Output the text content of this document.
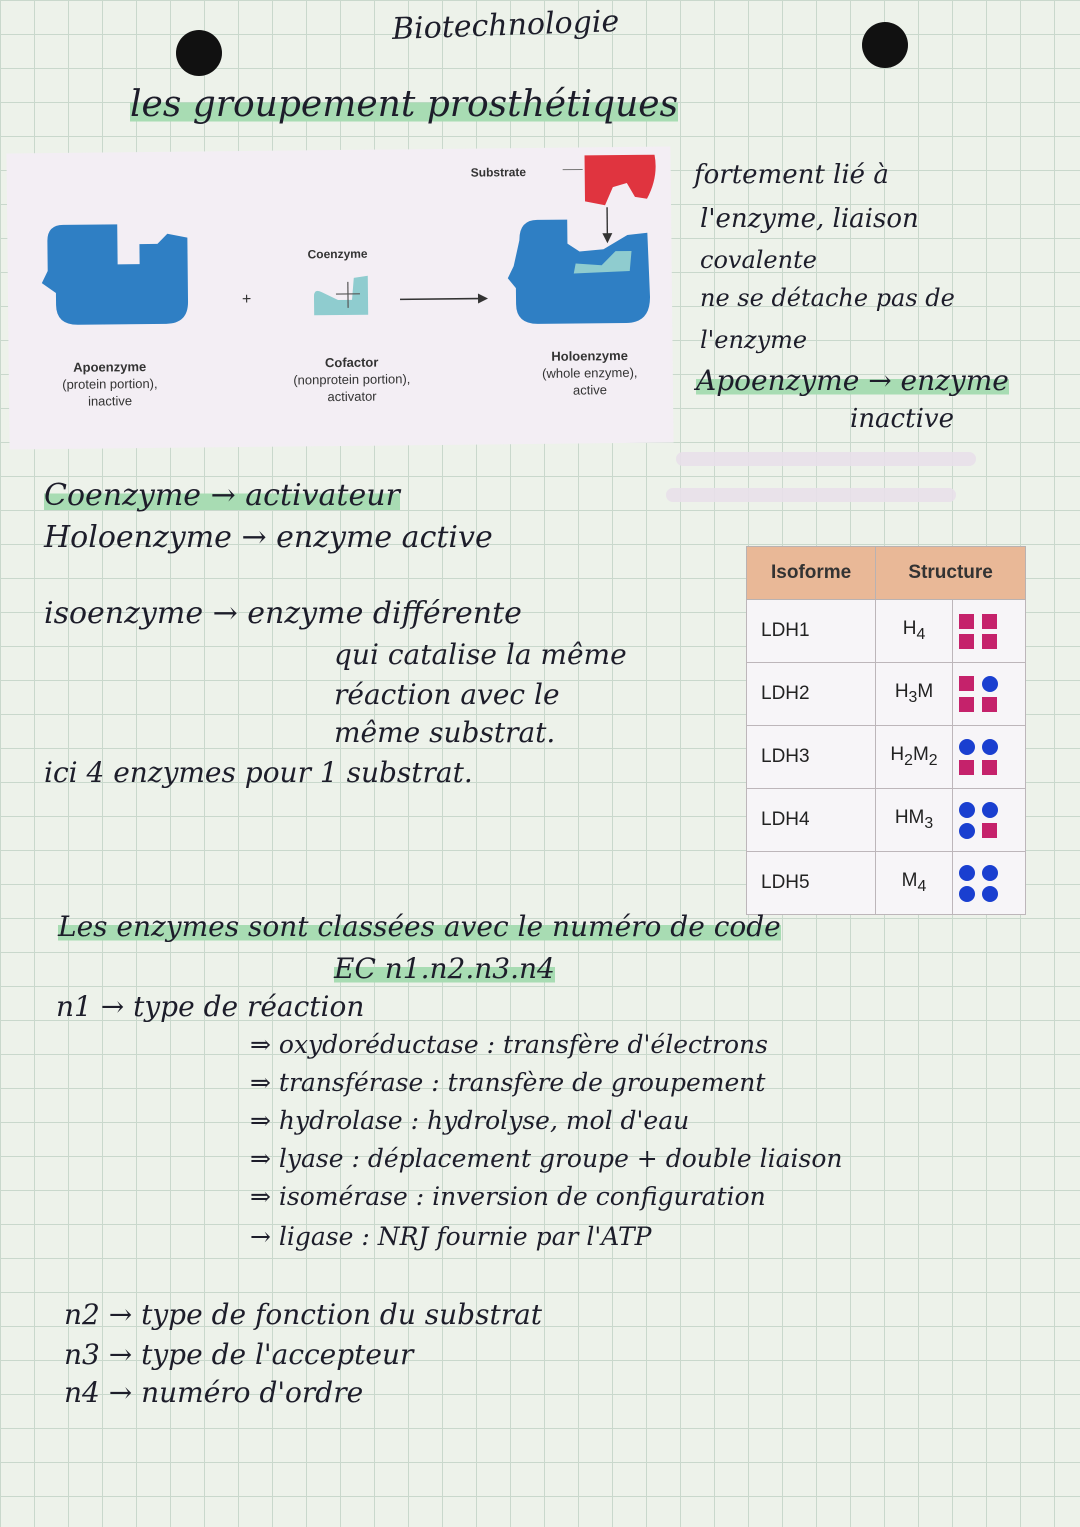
Biotechnologie
les groupement prosthétiques
+
Substrate
Coenzyme
Apoenzyme
(protein portion),
inactive
Cofactor
(nonprotein portion),
activator
Holoenzyme
(whole enzyme),
active
fortement lié à
l'enzyme, liaison
covalente
ne se détache pas de
l'enzyme
Apoenzyme → enzyme
inactive
Coenzyme → activateur
Holoenzyme → enzyme active
isoenzyme → enzyme différente
qui catalise la même
réaction avec le
même substrat.
ici 4 enzymes pour 1 substrat.
Isoforme	Structure	
LDH1	$H_4$	

LDH2	$H_3M$	

LDH3	$H_2M_2$	

LDH4	$HM_3$	

LDH5	$M_4$	
Les enzymes sont classées avec le numéro de code
EC n1.n2.n3.n4
n1 → type de réaction
⇒ oxydoréductase : transfère d'électrons
⇒ transférase : transfère de groupement
⇒ hydrolase : hydrolyse, mol d'eau
⇒ lyase : déplacement groupe + double liaison
⇒ isomérase : inversion de configuration
→ ligase : NRJ fournie par l'ATP
n2 → type de fonction du substrat
n3 → type de l'accepteur
n4 → numéro d'ordre
